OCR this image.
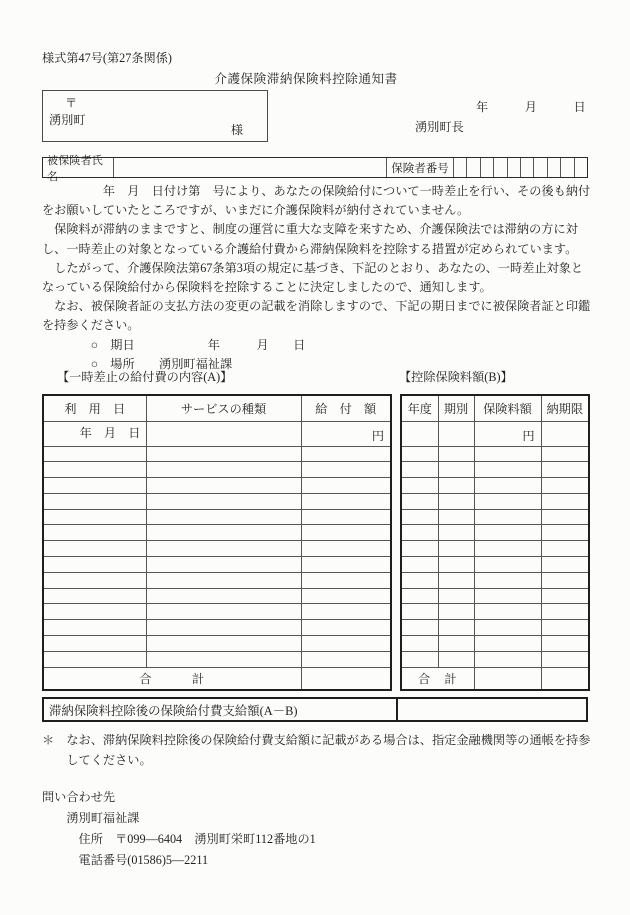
様式第47号(第27条関係)
介護保険滞納保険料控除通知書
〒
湧別町
様
年　　　月　　　日
湧別町長
被保険者氏名
保険者番号
　　　　　年　月　日付け第　号により、あなたの保険給付について一時差止を行い、その後も納付
をお願いしていたところですが、いまだに介護保険料が納付されていません。
　保険料が滞納のままですと、制度の運営に重大な支障を来すため、介護保険法では滞納の方に対
し、一時差止の対象となっている介護給付費から滞納保険料を控除する措置が定められています。
　したがって、介護保険法第67条第3項の規定に基づき、下記のとおり、あなたの、一時差止対象と
なっている保険給付から保険料を控除することに決定しましたので、通知します。
　なお、被保険者証の支払方法の変更の記載を消除しますので、下記の期日までに被保険者証と印鑑
を持参ください。
　　　　○　期日　　　　　　年　　　月　　日
　　　　○　場所　　湧別町福祉課
【一時差止の給付費の内容(A)】	【控除保険料額(B)】
利　用　日	サービスの種類	給　付　額
年　月　日		円

合　　　計		
年度	期別	保険料額	納期限
		円	

合　計			
滞納保険料控除後の保険給付費支給額(A－B)
＊　なお、滞納保険料控除後の保険給付費支給額に記載がある場合は、指定金融機関等の通帳を持参
　　してください。
問い合わせ先
　　湧別町福祉課
　　　住所　〒099―6404　湧別町栄町112番地の1
　　　電話番号(01586)5―2211
